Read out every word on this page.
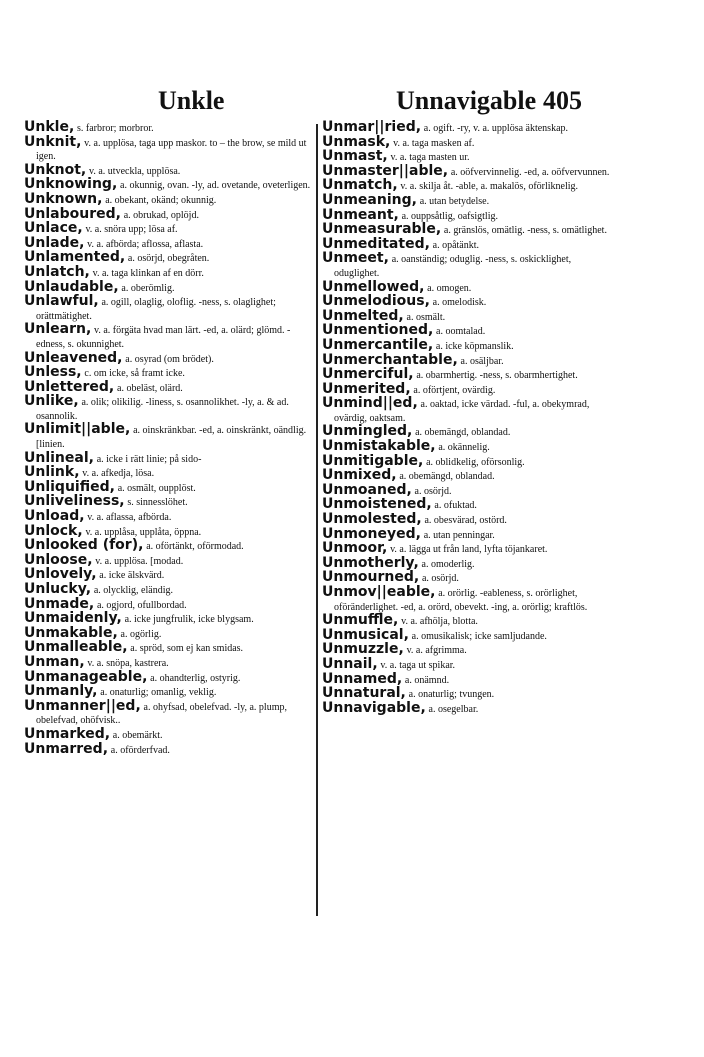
Unkle	Unnavigable 405

Unkle, s. farbror; morbror.

Unknit, v. a. upplösa, taga upp maskor. to – the brow, se mild ut igen.

Unknot, v. a. utveckla, upplösa.

Unknowing, a. okunnig, ovan. -ly, ad. ovetande, oveterligen.

Unknown, a. obekant, okänd; okunnig.

Unlaboured, a. obrukad, oplöjd.

Unlace, v. a. snöra upp; lösa af.

Unlade, v. a. afbörda; aflossa, aflasta.

Unlamented, a. osörjd, obegråten.

Unlatch, v. a. taga klinkan af en dörr.

Unlaudable, a. oberömlig.

Unlawful, a. ogill, olaglig, oloflig. -ness, s. olaglighet; orättmätighet.

Unlearn, v. a. förgäta hvad man lärt. -ed, a. olärd; glömd. -edness, s. okunnighet.

Unleavened, a. osyrad (om brödet).

Unless, c. om icke, så framt icke.

Unlettered, a. obeläst, olärd.

Unlike, a. olik; olikilig. -liness, s. osannolikhet. -ly, a. & ad. osannolik.

Unlimit||able, a. oinskränkbar. -ed, a. oinskränkt, oändlig. [linien.

Unlineal, a. icke i rätt linie; på sido-

Unlink, v. a. afkedja, lösa.

Unliquified, a. osmält, oupplöst.

Unliveliness, s. sinnesslöhet.

Unload, v. a. aflassa, afbörda.

Unlock, v. a. upplåsa, upplåta, öppna.

Unlooked (for), a. oförtänkt, oförmodad.

Unloose, v. a. upplösa. [modad.

Unlovely, a. icke älskvärd.

Unlucky, a. olycklig, eländig.

Unmade, a. ogjord, ofullbordad.

Unmaidenly, a. icke jungfrulik, icke blygsam.

Unmakable, a. ogörlig.

Unmalleable, a. spröd, som ej kan smidas.

Unman, v. a. snöpa, kastrera.

Unmanageable, a. ohandterlig, ostyrig.

Unmanly, a. onaturlig; omanlig, veklig.

Unmanner||ed, a. ohyfsad, obelefvad. -ly, a. plump, obelefvad, ohöfvisk..

Unmarked, a. obemärkt.

Unmarred, a. oförderfvad.

Unmar||ried, a. ogift. -ry, v. a. upplösa äktenskap.

Unmask, v. a. taga masken af.

Unmast, v. a. taga masten ur.

Unmaster||able, a. oöfvervinnelig. -ed, a. oöfvervunnen.

Unmatch, v. a. skilja åt. -able, a. makalös, oförliknelig.

Unmeaning, a. utan betydelse.

Unmeant, a. ouppsåtlig, oafsigtlig.

Unmeasurable, a. gränslös, omätlig. -ness, s. omätlighet.

Unmeditated, a. opåtänkt.

Unmeet, a. oanständig; oduglig. -ness, s. oskicklighet, oduglighet.

Unmellowed, a. omogen.

Unmelodious, a. omelodisk.

Unmelted, a. osmält.

Unmentioned, a. oomtalad.

Unmercantile, a. icke köpmanslik.

Unmerchantable, a. osäljbar.

Unmerciful, a. obarmhertig. -ness, s. obarmhertighet.

Unmerited, a. oförtjent, ovärdig.

Unmind||ed, a. oaktad, icke värdad. -ful, a. obekymrad, ovärdig, oaktsam.

Unmingled, a. obemängd, oblandad.

Unmistakable, a. okännelig.

Unmitigable, a. oblidkelig, oförsonlig.

Unmixed, a. obemängd, oblandad.

Unmoaned, a. osörjd.

Unmoistened, a. ofuktad.

Unmolested, a. obesvärad, ostörd.

Unmoneyed, a. utan penningar.

Unmoor, v. a. lägga ut från land, lyfta töjankaret.

Unmotherly, a. omoderlig.

Unmourned, a. osörjd.

Unmov||eable, a. orörlig. -eableness, s. orörlighet, oföränderlighet. -ed, a. orörd, obevekt. -ing, a. orörlig; kraftlös.

Unmuffle, v. a. afhölja, blotta.

Unmusical, a. omusikalisk; icke samljudande.

Unmuzzle, v. a. afgrimma.

Unnail, v. a. taga ut spikar.

Unnamed, a. onämnd.

Unnatural, a. onaturlig; tvungen.

Unnavigable, a. osegelbar.
